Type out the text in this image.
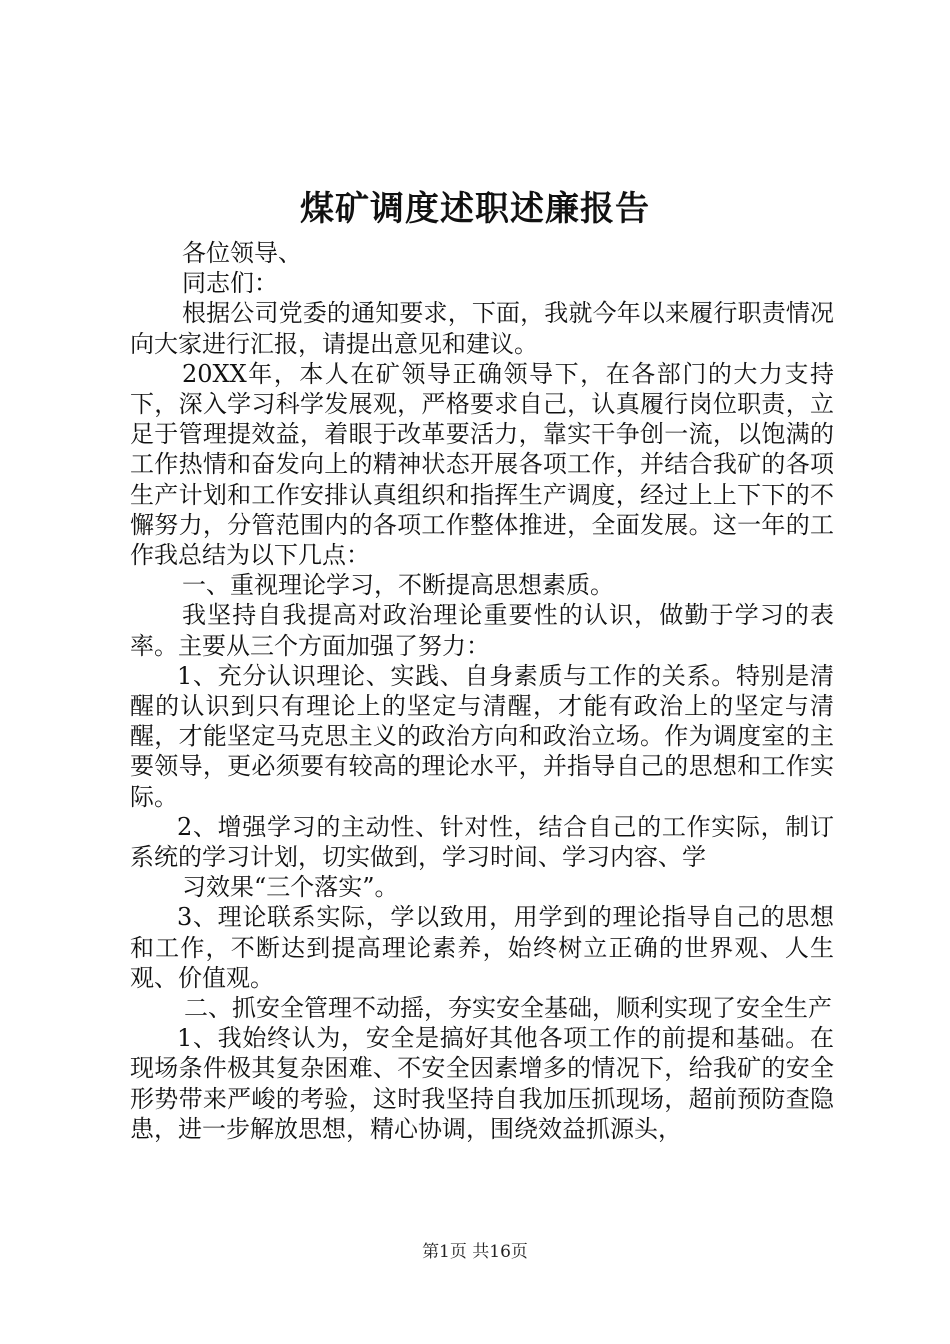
煤矿调度述职述廉报告

各位领导、

同志们：

根据公司党委的通知要求，下面，我就今年以来履行职责情况向大家进行汇报，请提出意见和建议。

20XX年，本人在矿领导正确领导下，在各部门的大力支持下，深入学习科学发展观，严格要求自己，认真履行岗位职责，立足于管理提效益，着眼于改革要活力，靠实干争创一流，以饱满的工作热情和奋发向上的精神状态开展各项工作，并结合我矿的各项生产计划和工作安排认真组织和指挥生产调度，经过上上下下的不懈努力，分管范围内的各项工作整体推进，全面发展。这一年的工作我总结为以下几点：

一、重视理论学习，不断提高思想素质。

我坚持自我提高对政治理论重要性的认识，做勤于学习的表率。主要从三个方面加强了努力：

1、充分认识理论、实践、自身素质与工作的关系。特别是清醒的认识到只有理论上的坚定与清醒，才能有政治上的坚定与清醒，才能坚定马克思主义的政治方向和政治立场。作为调度室的主要领导，更必须要有较高的理论水平，并指导自己的思想和工作实际。

2、增强学习的主动性、针对性，结合自己的工作实际，制订系统的学习计划，切实做到，学习时间、学习内容、学

习效果“三个落实”。

3、理论联系实际，学以致用，用学到的理论指导自己的思想和工作，不断达到提高理论素养，始终树立正确的世界观、人生观、价值观。

二、抓安全管理不动摇，夯实安全基础，顺利实现了安全生产

1、我始终认为，安全是搞好其他各项工作的前提和基础。在现场条件极其复杂困难、不安全因素增多的情况下，给我矿的安全形势带来严峻的考验，这时我坚持自我加压抓现场，超前预防查隐患，进一步解放思想，精心协调，围绕效益抓源头，

第1页 共16页
